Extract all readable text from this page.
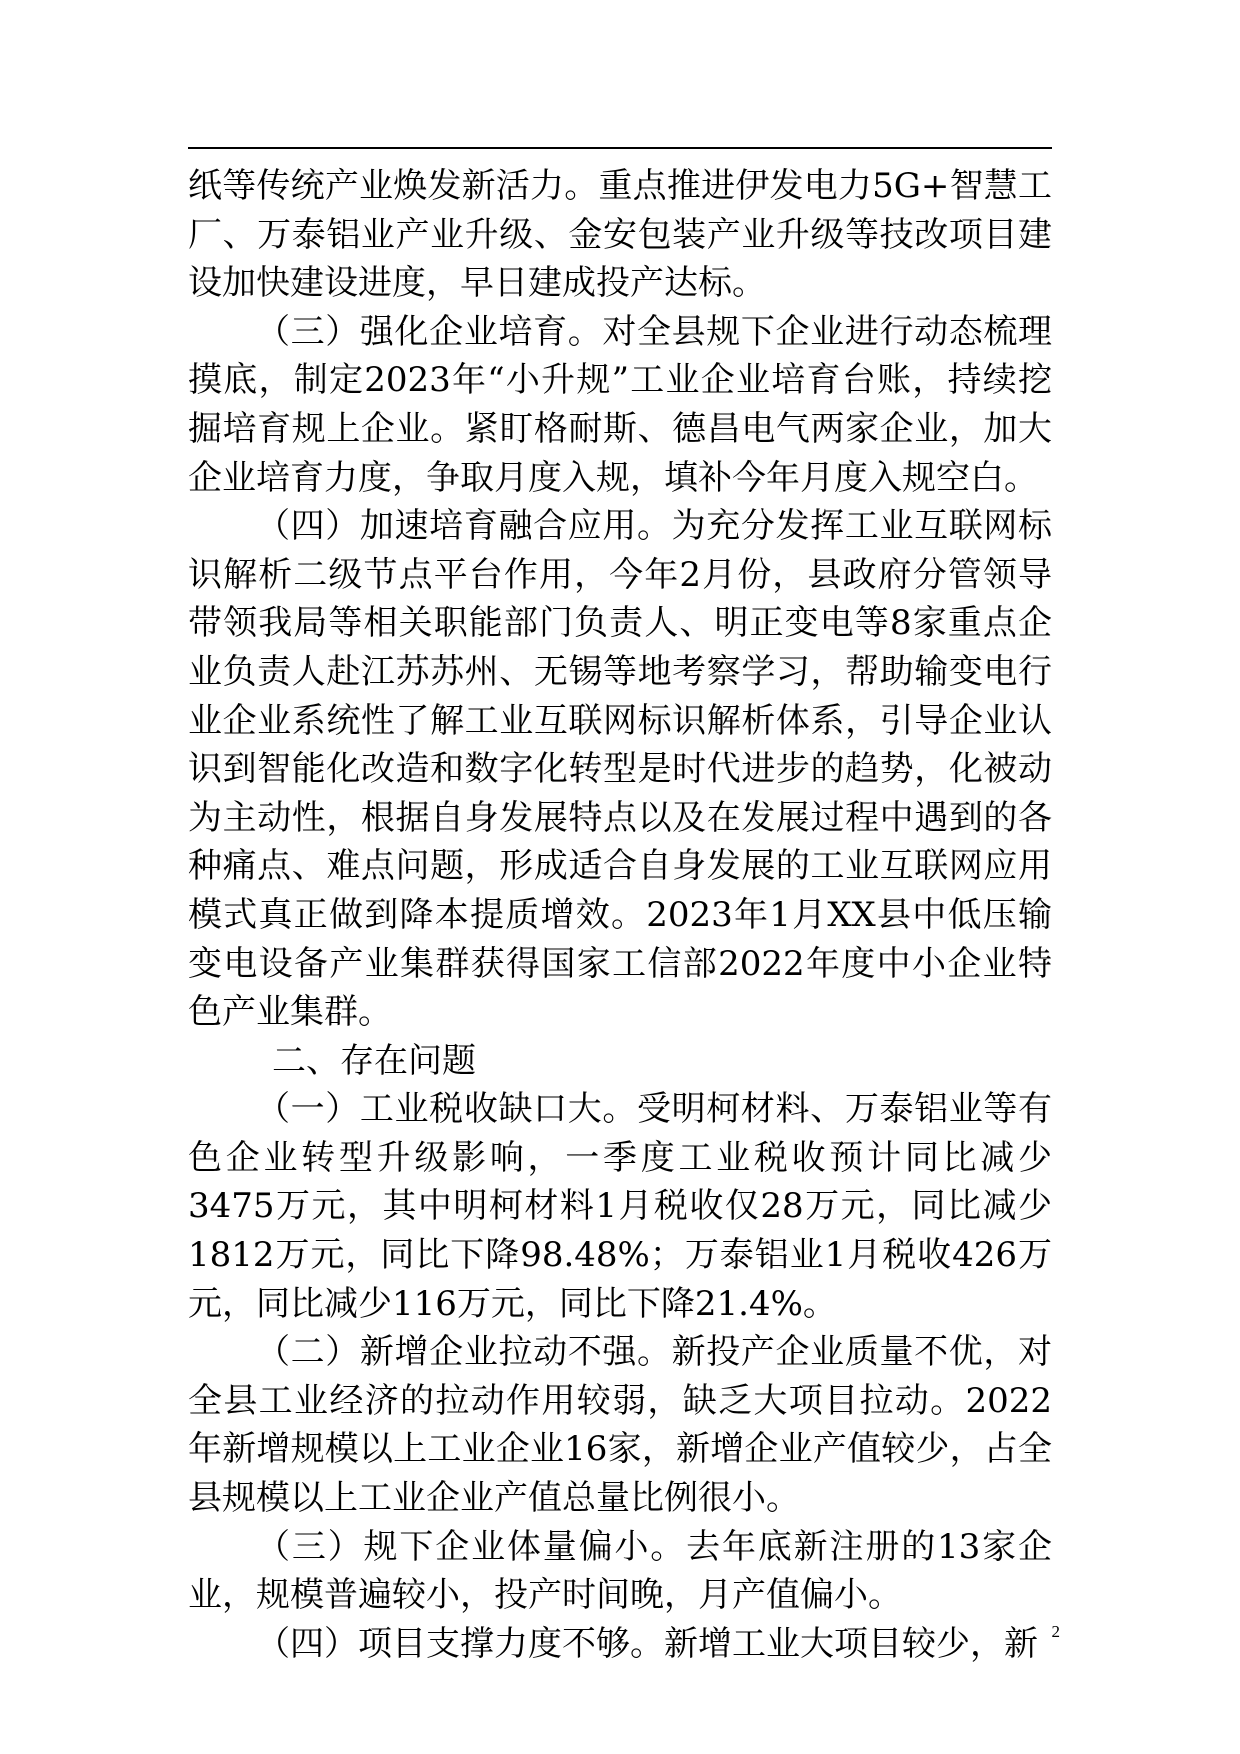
纸等传统产业焕发新活力。重点推进伊发电力5G+智慧工厂、万泰铝业产业升级、金安包装产业升级等技改项目建设加快建设进度，早日建成投产达标。

（三）强化企业培育。对全县规下企业进行动态梳理摸底，制定2023年“小升规”工业企业培育台账，持续挖掘培育规上企业。紧盯格耐斯、德昌电气两家企业，加大企业培育力度，争取月度入规，填补今年月度入规空白。

（四）加速培育融合应用。为充分发挥工业互联网标识解析二级节点平台作用，今年2月份，县政府分管领导带领我局等相关职能部门负责人、明正变电等8家重点企业负责人赴江苏苏州、无锡等地考察学习，帮助输变电行业企业系统性了解工业互联网标识解析体系，引导企业认识到智能化改造和数字化转型是时代进步的趋势，化被动为主动性，根据自身发展特点以及在发展过程中遇到的各种痛点、难点问题，形成适合自身发展的工业互联网应用模式真正做到降本提质增效。2023年1月XX县中低压输变电设备产业集群获得国家工信部2022年度中小企业特色产业集群。

二、存在问题

（一）工业税收缺口大。受明柯材料、万泰铝业等有色企业转型升级影响，一季度工业税收预计同比减少3475万元，其中明柯材料1月税收仅28万元，同比减少1812万元，同比下降98.48%；万泰铝业1月税收426万元，同比减少116万元，同比下降21.4%。

（二）新增企业拉动不强。新投产企业质量不优，对全县工业经济的拉动作用较弱，缺乏大项目拉动。2022年新增规模以上工业企业16家，新增企业产值较少，占全县规模以上工业企业产值总量比例很小。

（三）规下企业体量偏小。去年底新注册的13家企业，规模普遍较小，投产时间晚，月产值偏小。

（四）项目支撑力度不够。新增工业大项目较少，新 2
